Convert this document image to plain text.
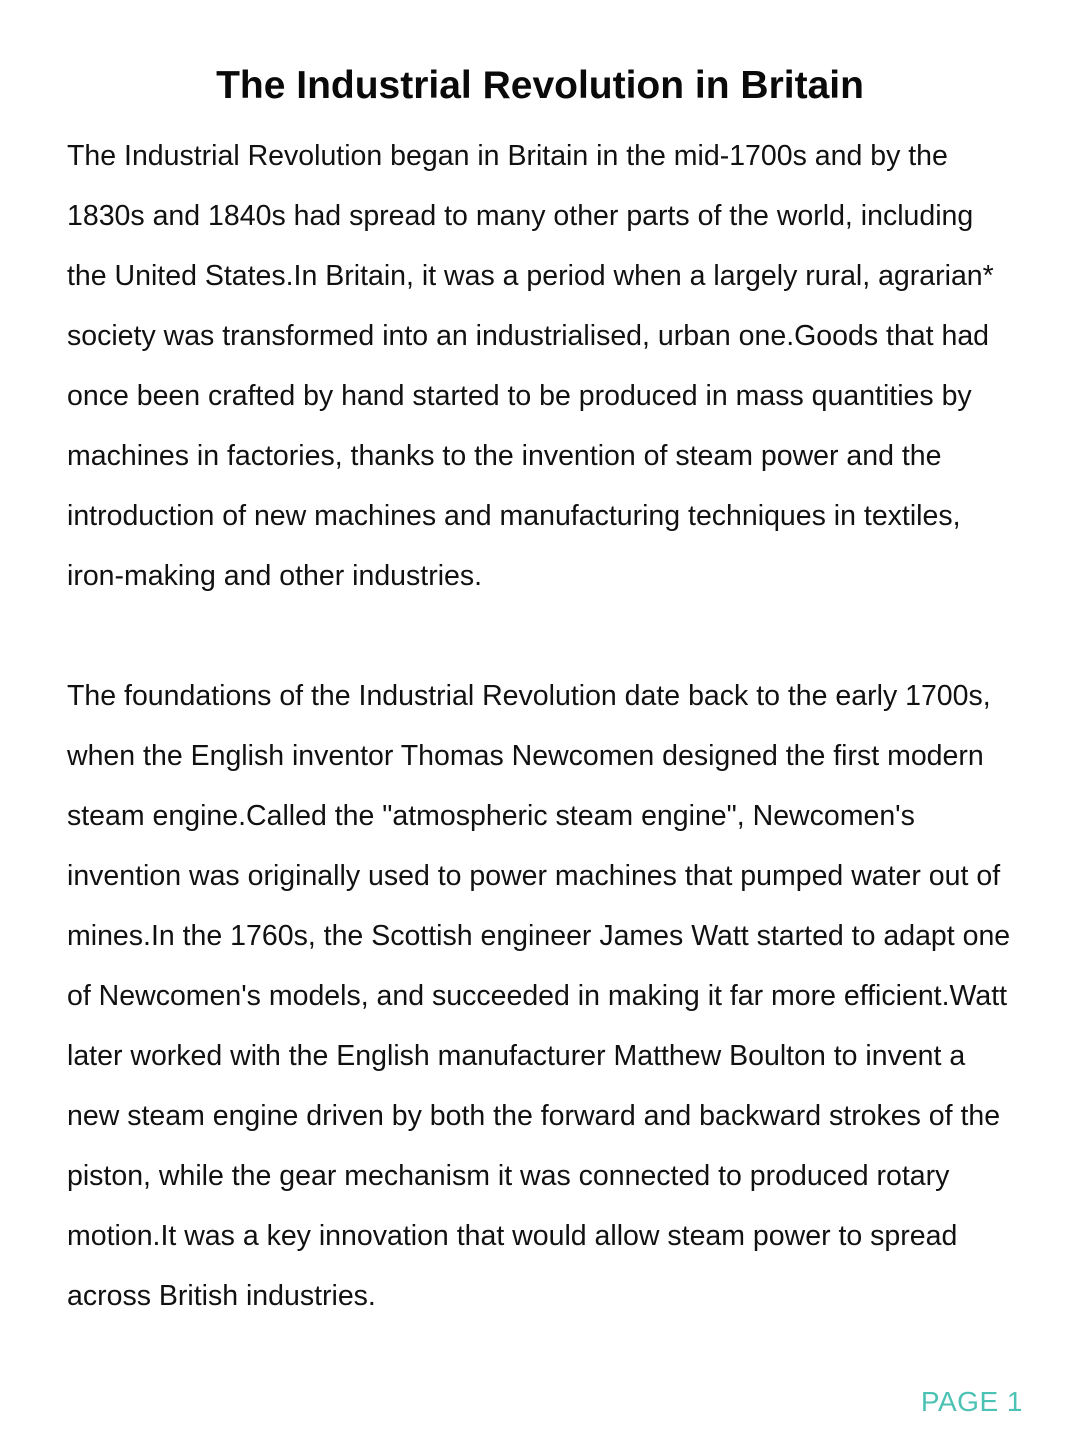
The Industrial Revolution in Britain

The Industrial Revolution began in Britain in the mid-1700s and by the 1830s and 1840s had spread to many other parts of the world, including the United States.In Britain, it was a period when a largely rural, agrarian* society was transformed into an industrialised, urban one.Goods that had once been crafted by hand started to be produced in mass quantities by machines in factories, thanks to the invention of steam power and the introduction of new machines and manufacturing techniques in textiles, iron-making and other industries.

The foundations of the Industrial Revolution date back to the early 1700s, when the English inventor Thomas Newcomen designed the first modern steam engine.Called the "atmospheric steam engine", Newcomen's invention was originally used to power machines that pumped water out of mines.In the 1760s, the Scottish engineer James Watt started to adapt one of Newcomen's models, and succeeded in making it far more efficient.Watt later worked with the English manufacturer Matthew Boulton to invent a new steam engine driven by both the forward and backward strokes of the piston, while the gear mechanism it was connected to produced rotary motion.It was a key innovation that would allow steam power to spread across British industries.

PAGE 1
